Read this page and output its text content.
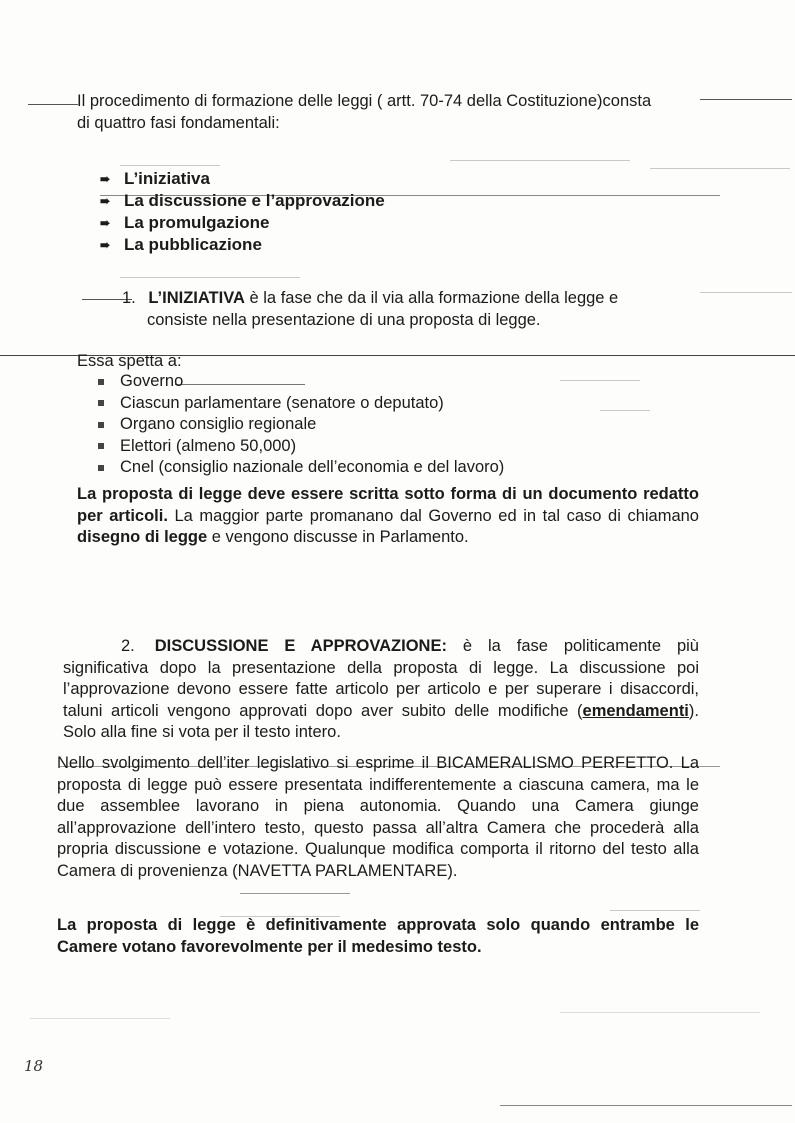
Il procedimento di formazione delle leggi ( artt. 70-74 della Costituzione)consta
di quattro fasi fondamentali:
➠ L’iniziativa
➠ La discussione e l’approvazione
➠ La promulgazione
➠ La pubblicazione
1. L’INIZIATIVA è la fase che da il via alla formazione della legge e
consiste nella presentazione di una proposta di legge.
Essa spetta a:
Governo
Ciascun parlamentare (senatore o deputato)
Organo consiglio regionale
Elettori (almeno 50,000)
Cnel (consiglio nazionale dell’economia e del lavoro)
La proposta di legge deve essere scritta sotto forma di un documento redatto per articoli. La maggior parte promanano dal Governo ed in tal caso di chiamano disegno di legge e vengono discusse in Parlamento.
2. DISCUSSIONE E APPROVAZIONE: è la fase politicamente più significativa dopo la presentazione della proposta di legge. La discussione poi l’approvazione devono essere fatte articolo per articolo e per superare i disaccordi, taluni articoli vengono approvati dopo aver subito delle modifiche (emendamenti). Solo alla fine si vota per il testo intero.
Nello svolgimento dell’iter legislativo si esprime il BICAMERALISMO PERFETTO. La proposta di legge può essere presentata indifferentemente a ciascuna camera, ma le due assemblee lavorano in piena autonomia. Quando una Camera giunge all’approvazione dell’intero testo, questo passa all’altra Camera che procederà alla propria discussione e votazione. Qualunque modifica comporta il ritorno del testo alla Camera di provenienza (NAVETTA PARLAMENTARE).
La proposta di legge è definitivamente approvata solo quando entrambe le Camere votano favorevolmente per il medesimo testo.
18
